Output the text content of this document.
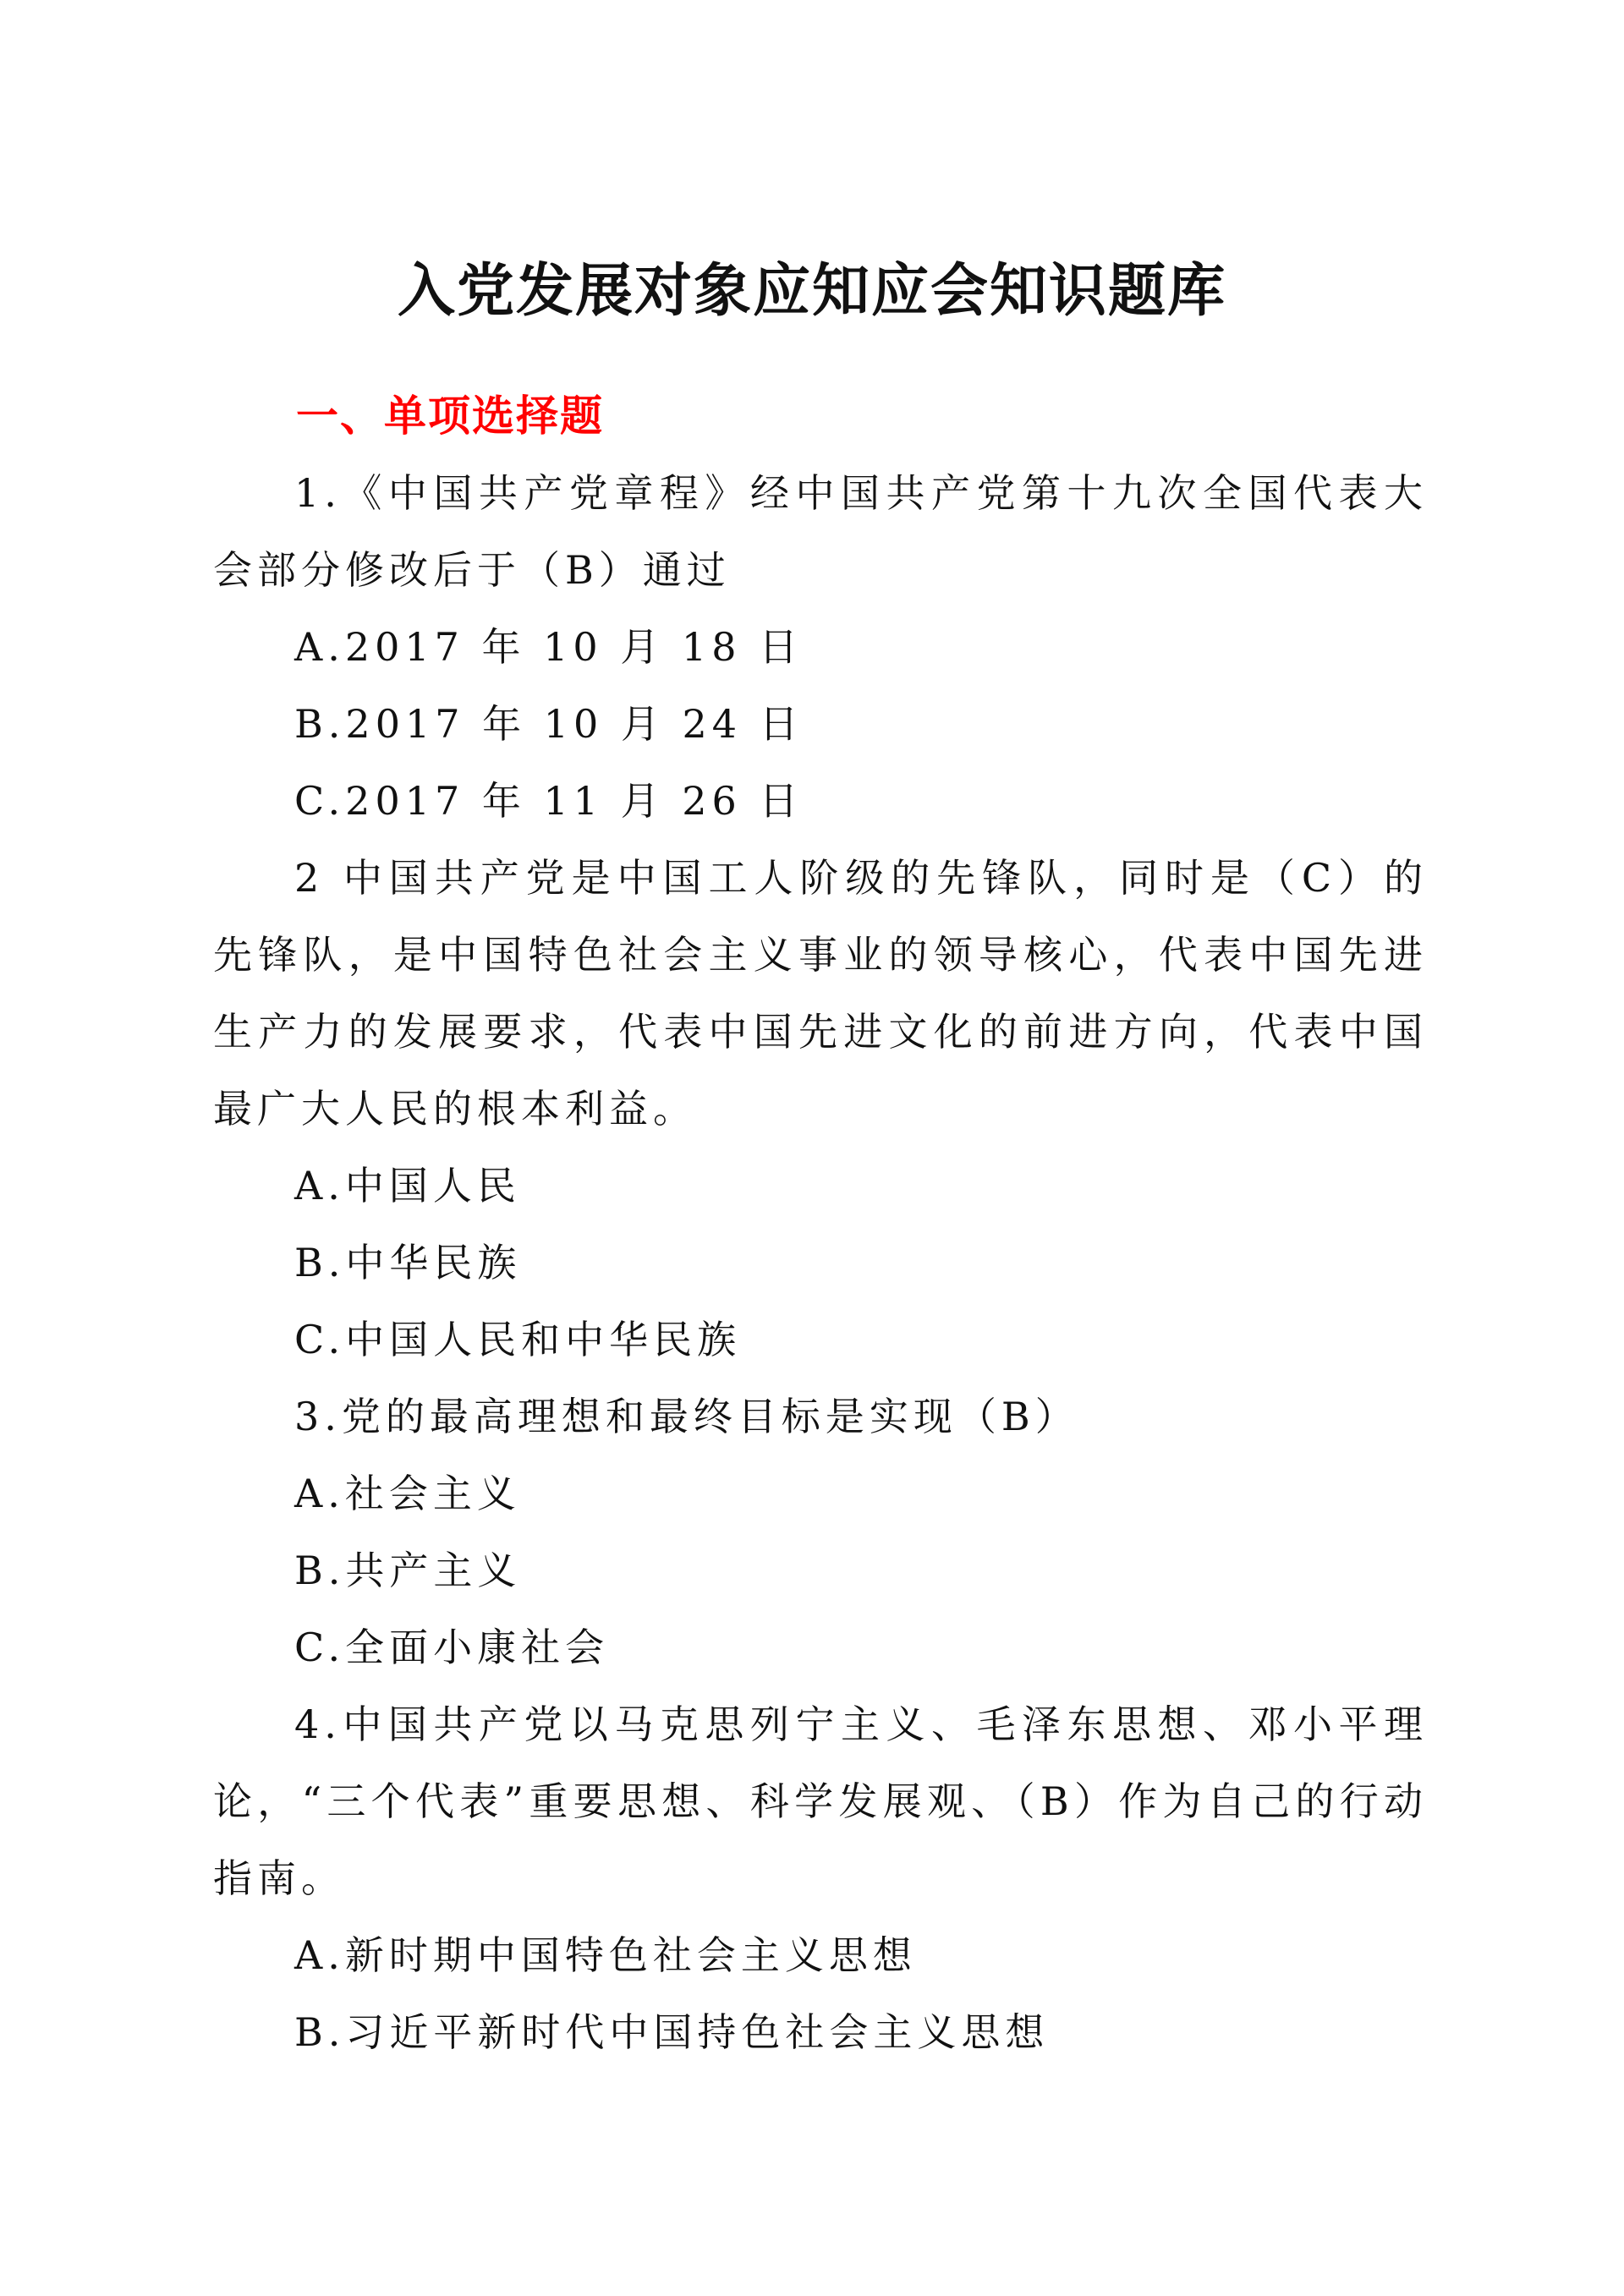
入党发展对象应知应会知识题库
一、单项选择题

1.《中国共产党章程》经中国共产党第十九次全国代表大会部分修改后于（B）通过

A.2017 年 10 月 18 日

B.2017 年 10 月 24 日

C.2017 年 11 月 26 日

2 中国共产党是中国工人阶级的先锋队，同时是（C）的先锋队，是中国特色社会主义事业的领导核心，代表中国先进生产力的发展要求，代表中国先进文化的前进方向，代表中国最广大人民的根本利益。

A.中国人民

B.中华民族

C.中国人民和中华民族

3.党的最高理想和最终目标是实现（B）

A.社会主义

B.共产主义

C.全面小康社会

4.中国共产党以马克思列宁主义、毛泽东思想、邓小平理论，“三个代表”重要思想、科学发展观、（B）作为自己的行动指南。

A.新时期中国特色社会主义思想

B.习近平新时代中国持色社会主义思想
